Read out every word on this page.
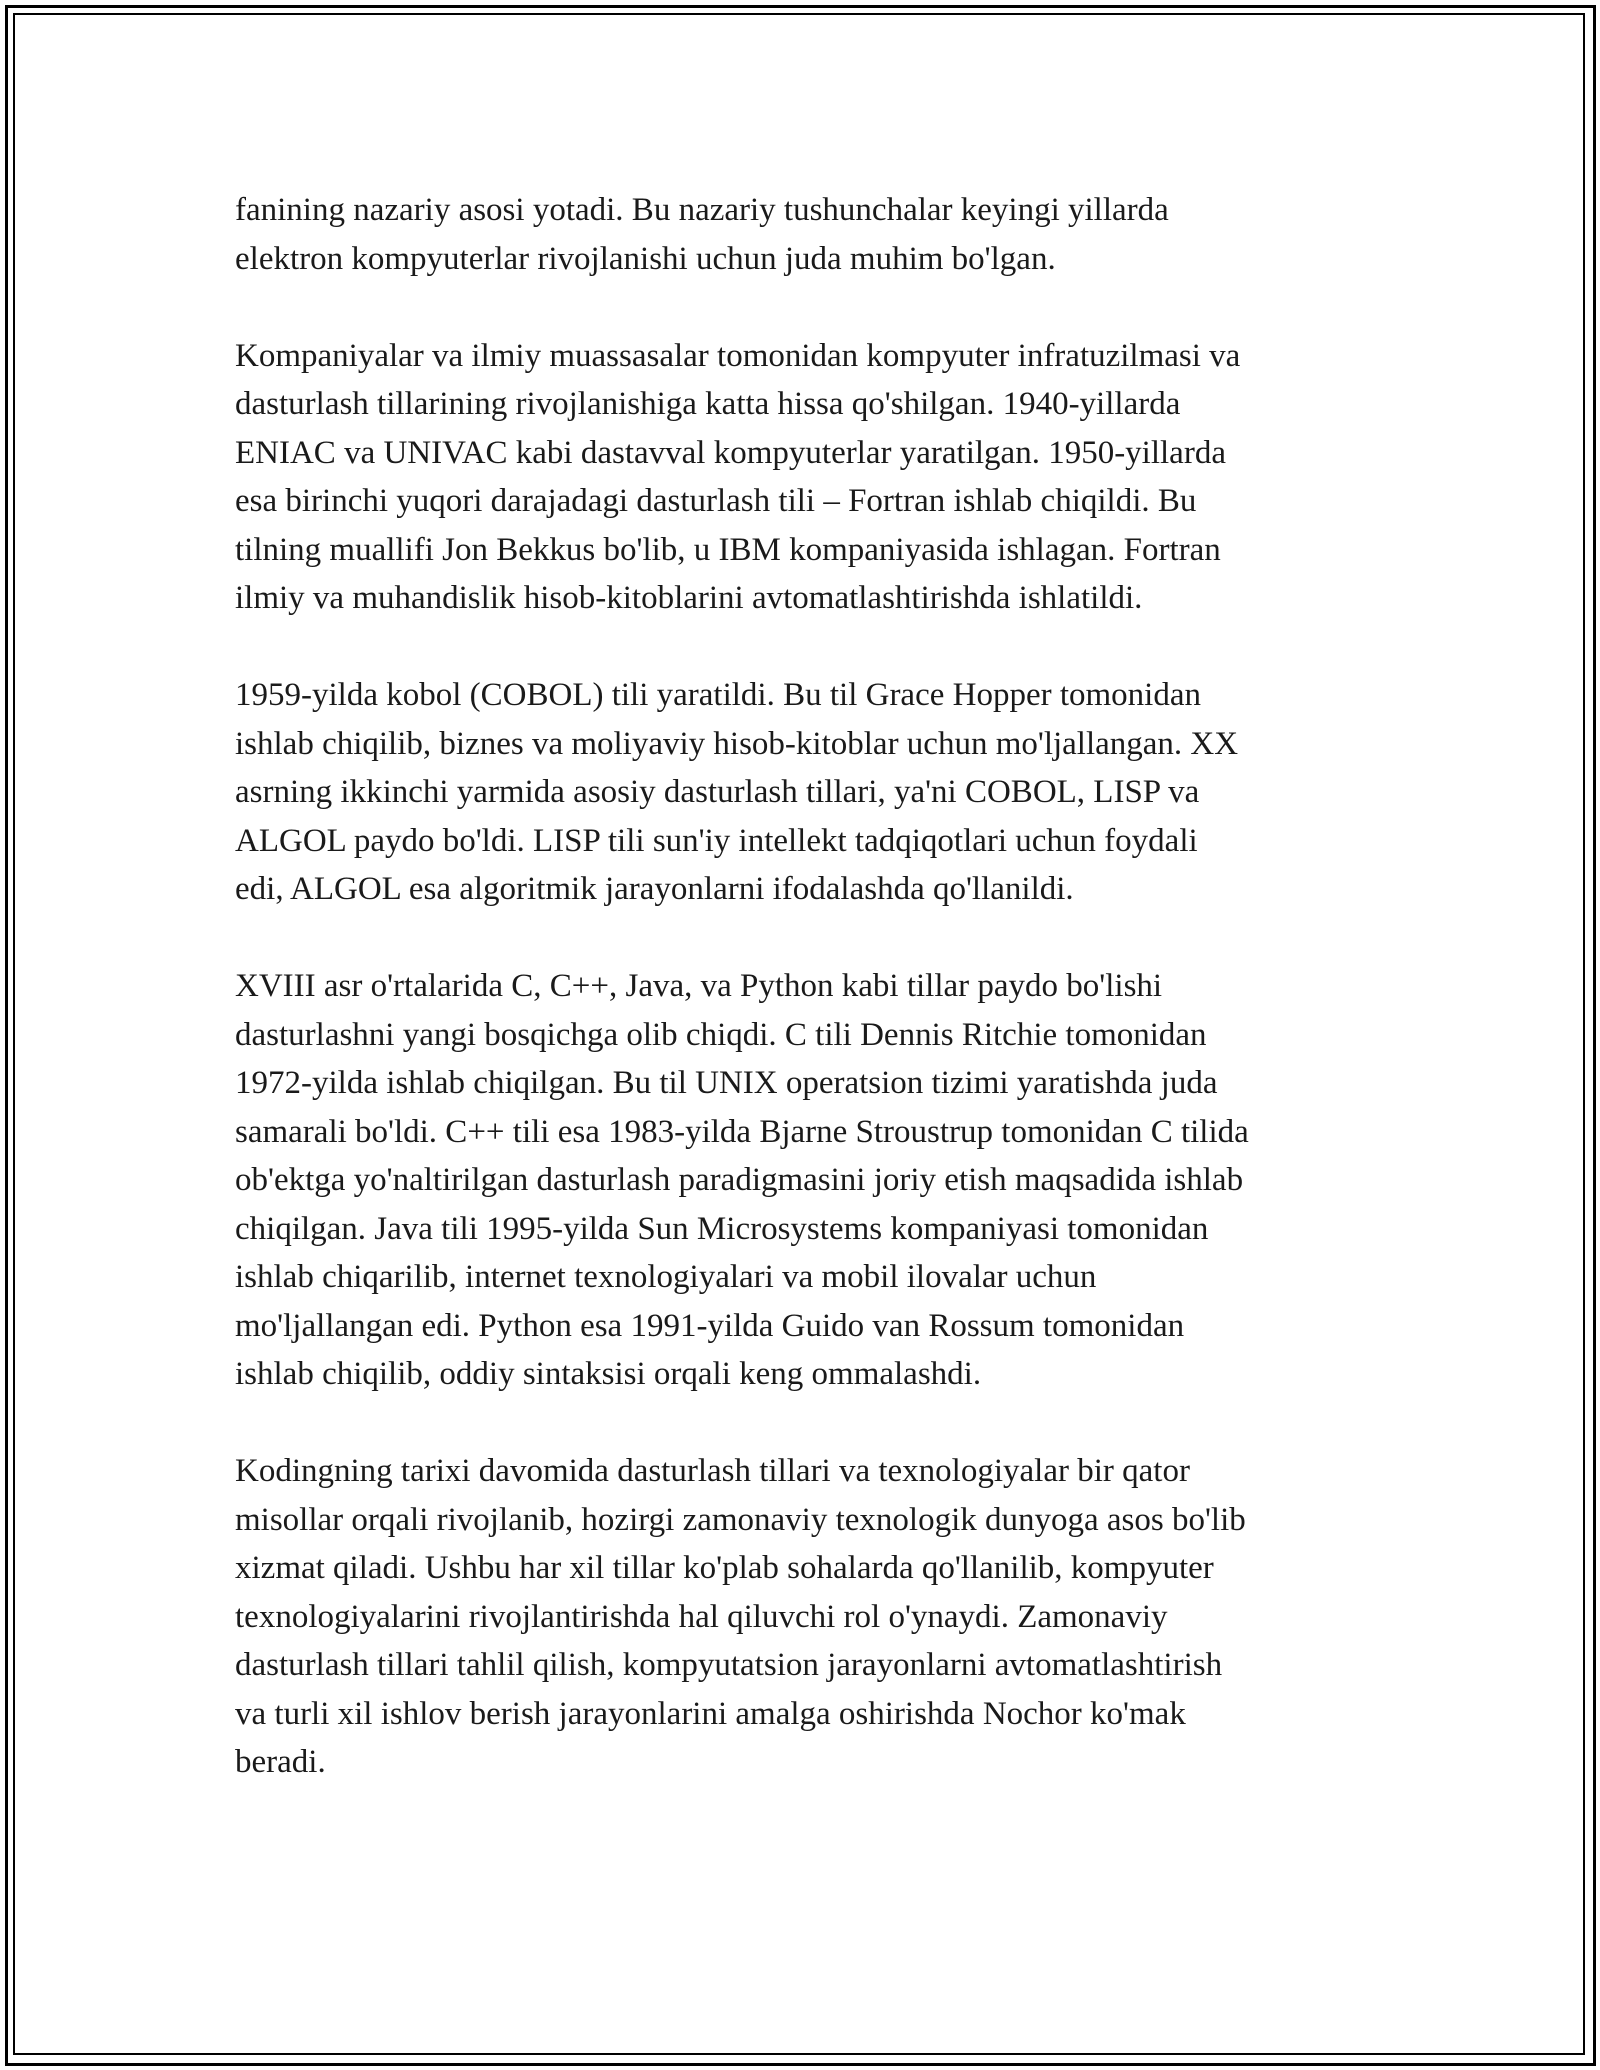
fanining nazariy asosi yotadi. Bu nazariy tushunchalar keyingi yillarda
elektron kompyuterlar rivojlanishi uchun juda muhim bo'lgan.

Kompaniyalar va ilmiy muassasalar tomonidan kompyuter infratuzilmasi va
dasturlash tillarining rivojlanishiga katta hissa qo'shilgan. 1940-yillarda
ENIAC va UNIVAC kabi dastavval kompyuterlar yaratilgan. 1950-yillarda
esa birinchi yuqori darajadagi dasturlash tili – Fortran ishlab chiqildi. Bu
tilning muallifi Jon Bekkus bo'lib, u IBM kompaniyasida ishlagan. Fortran
ilmiy va muhandislik hisob-kitoblarini avtomatlashtirishda ishlatildi.

1959-yilda kobol (COBOL) tili yaratildi. Bu til Grace Hopper tomonidan
ishlab chiqilib, biznes va moliyaviy hisob-kitoblar uchun mo'ljallangan. XX
asrning ikkinchi yarmida asosiy dasturlash tillari, ya'ni COBOL, LISP va
ALGOL paydo bo'ldi. LISP tili sun'iy intellekt tadqiqotlari uchun foydali
edi, ALGOL esa algoritmik jarayonlarni ifodalashda qo'llanildi.

XVIII asr o'rtalarida C, C++, Java, va Python kabi tillar paydo bo'lishi
dasturlashni yangi bosqichga olib chiqdi. C tili Dennis Ritchie tomonidan
1972-yilda ishlab chiqilgan. Bu til UNIX operatsion tizimi yaratishda juda
samarali bo'ldi. C++ tili esa 1983-yilda Bjarne Stroustrup tomonidan C tilida
ob'ektga yo'naltirilgan dasturlash paradigmasini joriy etish maqsadida ishlab
chiqilgan. Java tili 1995-yilda Sun Microsystems kompaniyasi tomonidan
ishlab chiqarilib, internet texnologiyalari va mobil ilovalar uchun
mo'ljallangan edi. Python esa 1991-yilda Guido van Rossum tomonidan
ishlab chiqilib, oddiy sintaksisi orqali keng ommalashdi.

Kodingning tarixi davomida dasturlash tillari va texnologiyalar bir qator
misollar orqali rivojlanib, hozirgi zamonaviy texnologik dunyoga asos bo'lib
xizmat qiladi. Ushbu har xil tillar ko'plab sohalarda qo'llanilib, kompyuter
texnologiyalarini rivojlantirishda hal qiluvchi rol o'ynaydi. Zamonaviy
dasturlash tillari tahlil qilish, kompyutatsion jarayonlarni avtomatlashtirish
va turli xil ishlov berish jarayonlarini amalga oshirishda Nochor ko'mak
beradi.
